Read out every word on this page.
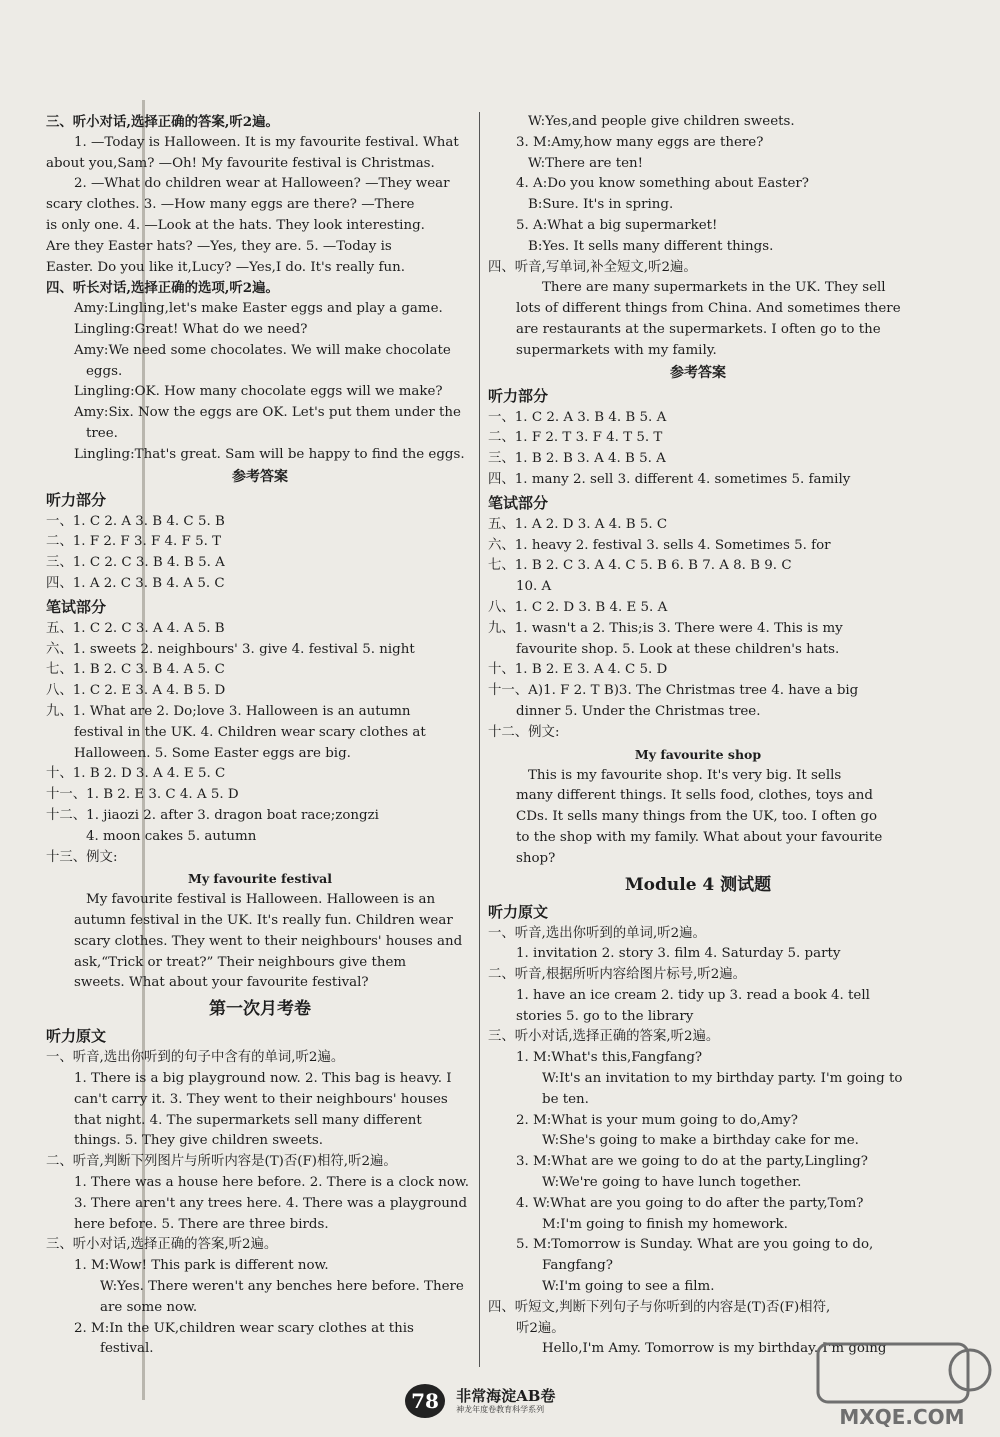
三、听小对话,选择正确的答案,听2遍。
1. —Today is Halloween. It is my favourite festival. What
about you,Sam? —Oh! My favourite festival is Christmas.
2. —What do children wear at Halloween? —They wear
scary clothes. 3. —How many eggs are there? —There
is only one. 4. —Look at the hats. They look interesting.
Are they Easter hats? —Yes, they are. 5. —Today is
Easter. Do you like it,Lucy? —Yes,I do. It's really fun.
四、听长对话,选择正确的选项,听2遍。
Amy:Lingling,let's make Easter eggs and play a game.
Lingling:Great! What do we need?
Amy:We need some chocolates. We will make chocolate
eggs.
Lingling:OK. How many chocolate eggs will we make?
Amy:Six. Now the eggs are OK. Let's put them under the
tree.
Lingling:That's great. Sam will be happy to find the eggs.
参考答案
听力部分
一、1. C 2. A 3. B 4. C 5. B
二、1. F 2. F 3. F 4. F 5. T
三、1. C 2. C 3. B 4. B 5. A
四、1. A 2. C 3. B 4. A 5. C
笔试部分
五、1. C 2. C 3. A 4. A 5. B
六、1. sweets 2. neighbours' 3. give 4. festival 5. night
七、1. B 2. C 3. B 4. A 5. C
八、1. C 2. E 3. A 4. B 5. D
九、1. What are 2. Do;love 3. Halloween is an autumn
festival in the UK. 4. Children wear scary clothes at
Halloween. 5. Some Easter eggs are big.
十、1. B 2. D 3. A 4. E 5. C
十一、1. B 2. E 3. C 4. A 5. D
十二、1. jiaozi 2. after 3. dragon boat race;zongzi
4. moon cakes 5. autumn
十三、例文:
My favourite festival
My favourite festival is Halloween. Halloween is an
autumn festival in the UK. It's really fun. Children wear
scary clothes. They went to their neighbours' houses and
ask,“Trick or treat?” Their neighbours give them
sweets. What about your favourite festival?
第一次月考卷
听力原文
一、听音,选出你听到的句子中含有的单词,听2遍。
1. There is a big playground now. 2. This bag is heavy. I
can't carry it. 3. They went to their neighbours' houses
that night. 4. The supermarkets sell many different
things. 5. They give children sweets.
二、听音,判断下列图片与所听内容是(T)否(F)相符,听2遍。
1. There was a house here before. 2. There is a clock now.
3. There aren't any trees here. 4. There was a playground
here before. 5. There are three birds.
三、听小对话,选择正确的答案,听2遍。
1. M:Wow! This park is different now.
W:Yes. There weren't any benches here before. There
are some now.
2. M:In the UK,children wear scary clothes at this
festival.
W:Yes,and people give children sweets.
3. M:Amy,how many eggs are there?
W:There are ten!
4. A:Do you know something about Easter?
B:Sure. It's in spring.
5. A:What a big supermarket!
B:Yes. It sells many different things.
四、听音,写单词,补全短文,听2遍。
There are many supermarkets in the UK. They sell
lots of different things from China. And sometimes there
are restaurants at the supermarkets. I often go to the
supermarkets with my family.
参考答案
听力部分
一、1. C 2. A 3. B 4. B 5. A
二、1. F 2. T 3. F 4. T 5. T
三、1. B 2. B 3. A 4. B 5. A
四、1. many 2. sell 3. different 4. sometimes 5. family
笔试部分
五、1. A 2. D 3. A 4. B 5. C
六、1. heavy 2. festival 3. sells 4. Sometimes 5. for
七、1. B 2. C 3. A 4. C 5. B 6. B 7. A 8. B 9. C
10. A
八、1. C 2. D 3. B 4. E 5. A
九、1. wasn't a 2. This;is 3. There were 4. This is my
favourite shop. 5. Look at these children's hats.
十、1. B 2. E 3. A 4. C 5. D
十一、A)1. F 2. T B)3. The Christmas tree 4. have a big
dinner 5. Under the Christmas tree.
十二、例文:
My favourite shop
This is my favourite shop. It's very big. It sells
many different things. It sells food, clothes, toys and
CDs. It sells many things from the UK, too. I often go
to the shop with my family. What about your favourite
shop?
Module 4 测试题
听力原文
一、听音,选出你听到的单词,听2遍。
1. invitation 2. story 3. film 4. Saturday 5. party
二、听音,根据所听内容给图片标号,听2遍。
1. have an ice cream 2. tidy up 3. read a book 4. tell
stories 5. go to the library
三、听小对话,选择正确的答案,听2遍。
1. M:What's this,Fangfang?
W:It's an invitation to my birthday party. I'm going to
be ten.
2. M:What is your mum going to do,Amy?
W:She's going to make a birthday cake for me.
3. M:What are we going to do at the party,Lingling?
W:We're going to have lunch together.
4. W:What are you going to do after the party,Tom?
M:I'm going to finish my homework.
5. M:Tomorrow is Sunday. What are you going to do,
Fangfang?
W:I'm going to see a film.
四、听短文,判断下列句子与你听到的内容是(T)否(F)相符,
听2遍。
Hello,I'm Amy. Tomorrow is my birthday. I'm going
78 非常海淀AB卷
神龙年度卷教育科学系列	MXQE.COM
